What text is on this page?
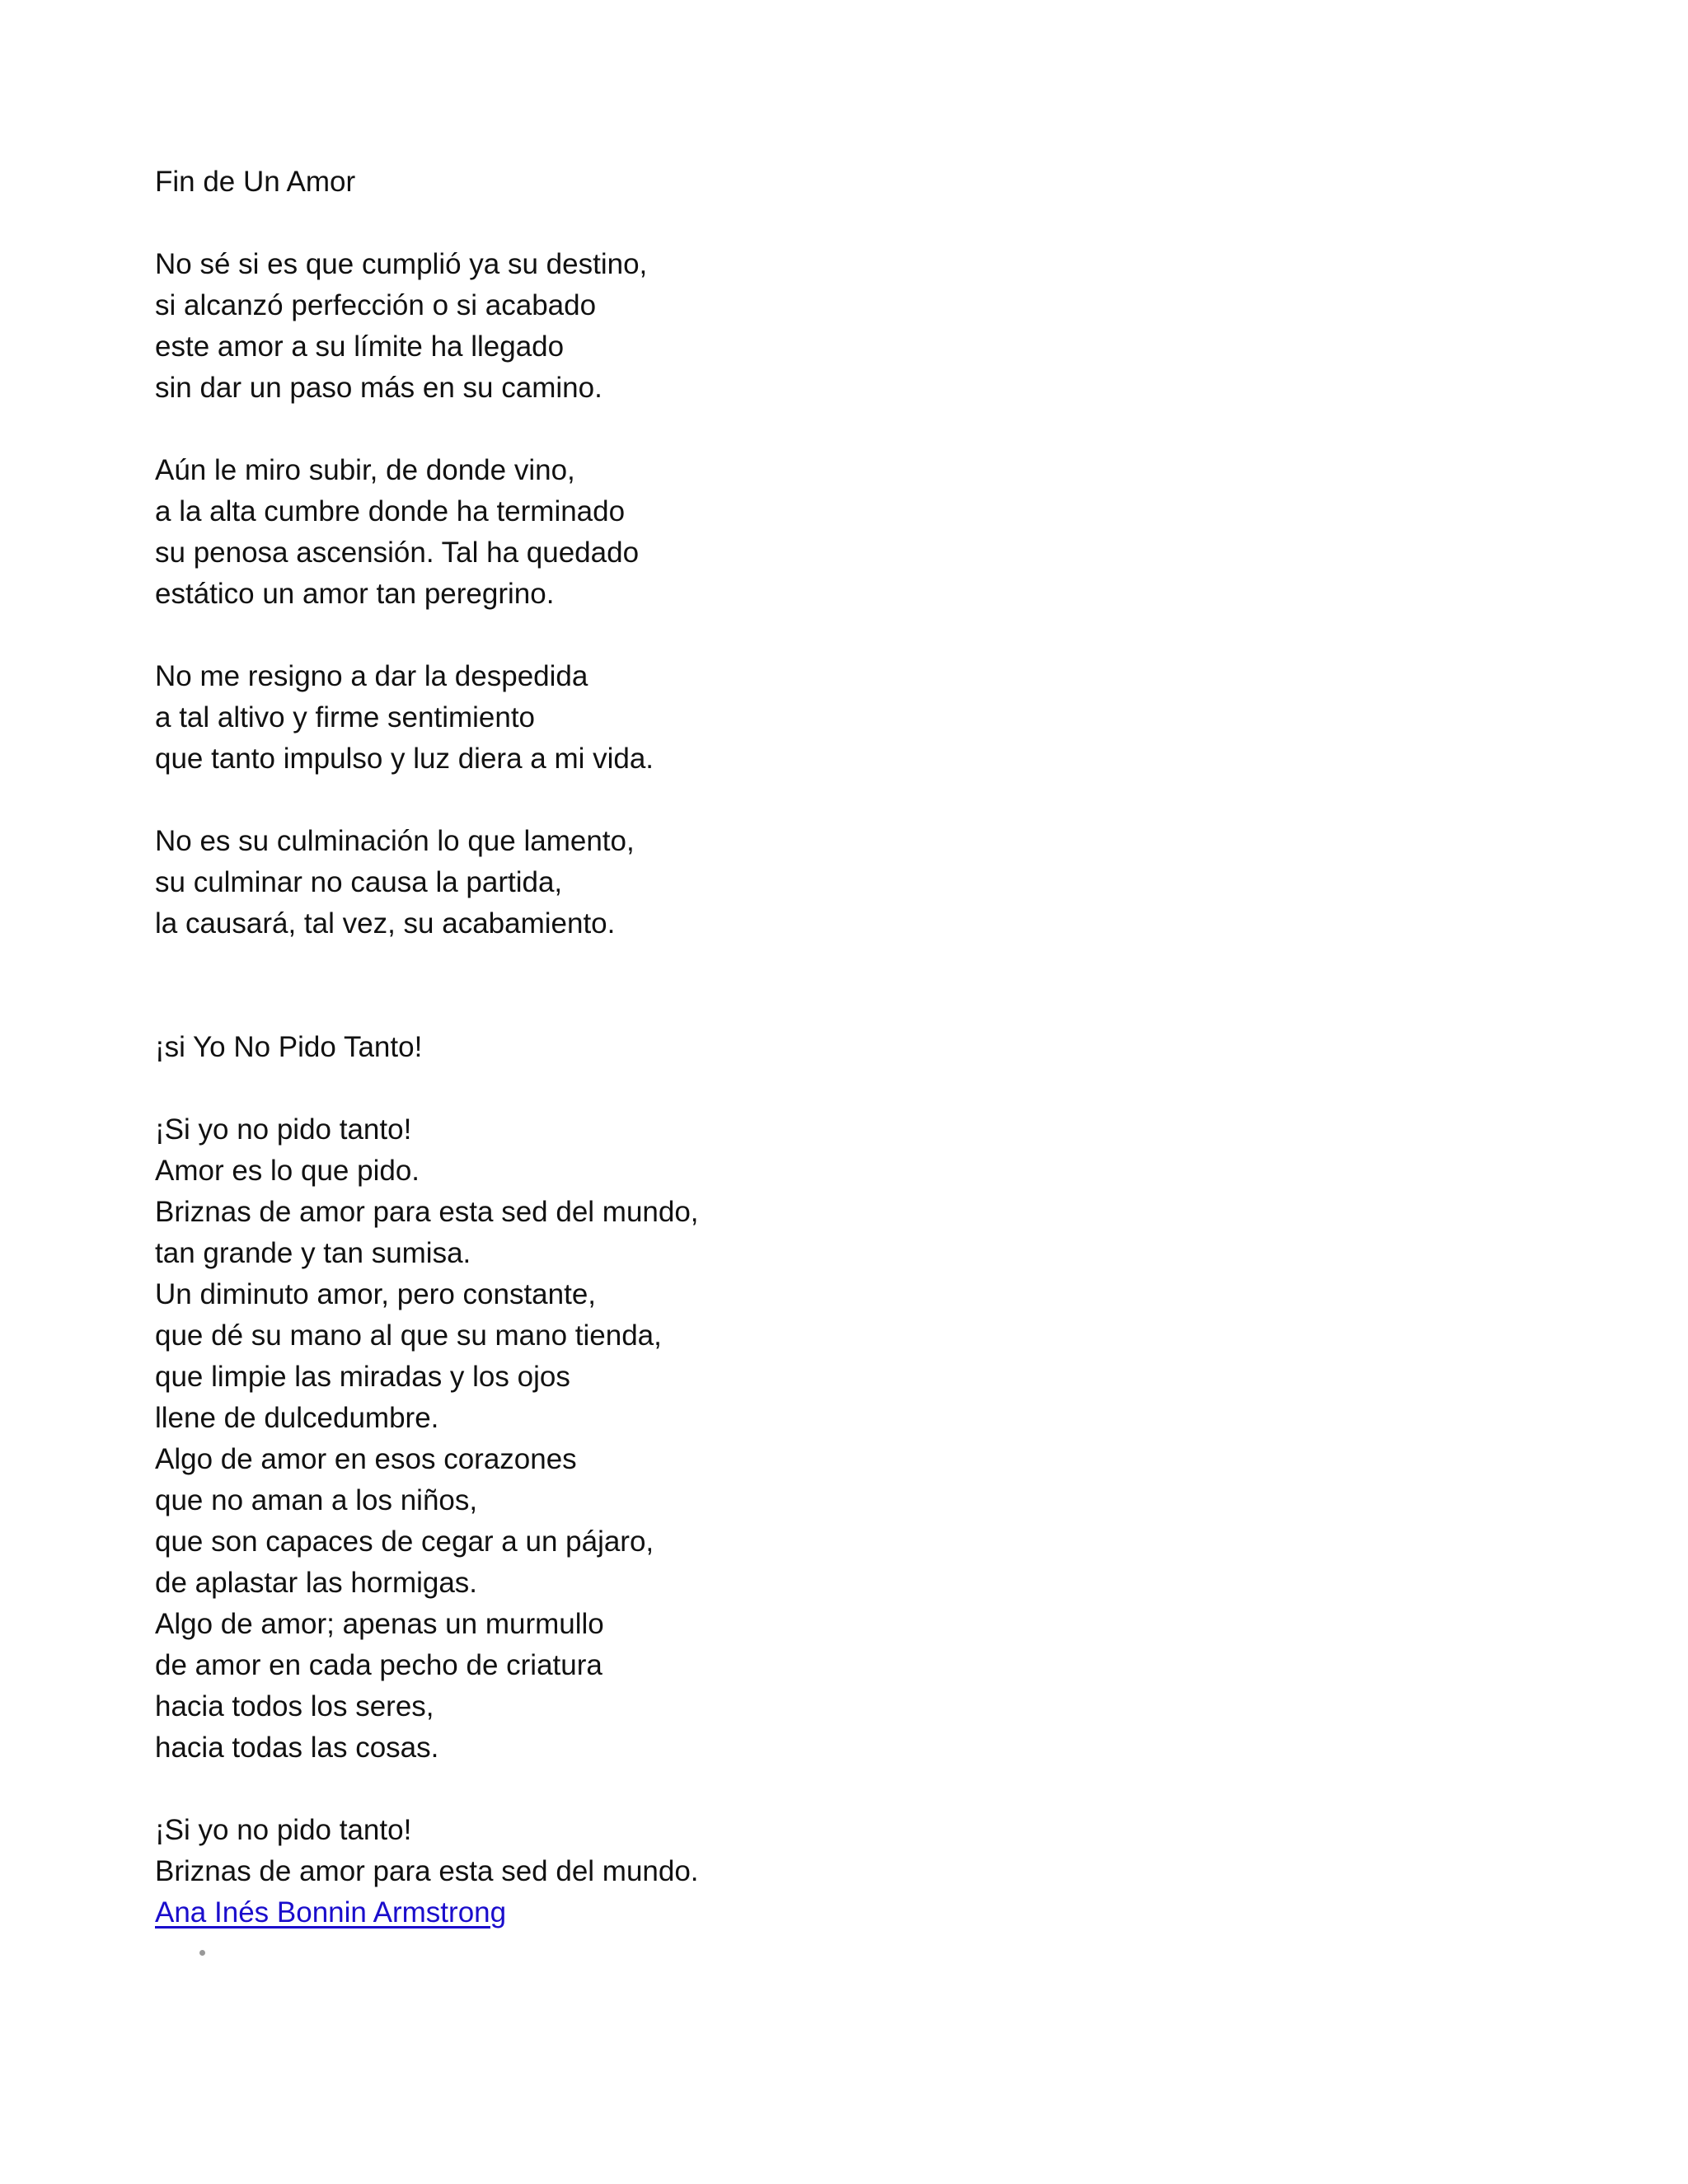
Fin de Un Amor
No sé si es que cumplió ya su destino,
si alcanzó perfección o si acabado
este amor a su límite ha llegado
sin dar un paso más en su camino.
Aún le miro subir, de donde vino,
a la alta cumbre donde ha terminado
su penosa ascensión. Tal ha quedado
estático un amor tan peregrino.
No me resigno a dar la despedida
a tal altivo y firme sentimiento
que tanto impulso y luz diera a mi vida.
No es su culminación lo que lamento,
su culminar no causa la partida,
la causará, tal vez, su acabamiento.
¡si Yo No Pido Tanto!
¡Si yo no pido tanto!
Amor es lo que pido.
Briznas de amor para esta sed del mundo,
tan grande y tan sumisa.
Un diminuto amor, pero constante,
que dé su mano al que su mano tienda,
que limpie las miradas y los ojos
llene de dulcedumbre.
Algo de amor en esos corazones
que no aman a los niños,
que son capaces de cegar a un pájaro,
de aplastar las hormigas.
Algo de amor; apenas un murmullo
de amor en cada pecho de criatura
hacia todos los seres,
hacia todas las cosas.
¡Si yo no pido tanto!
Briznas de amor para esta sed del mundo.
Ana Inés Bonnin Armstrong
